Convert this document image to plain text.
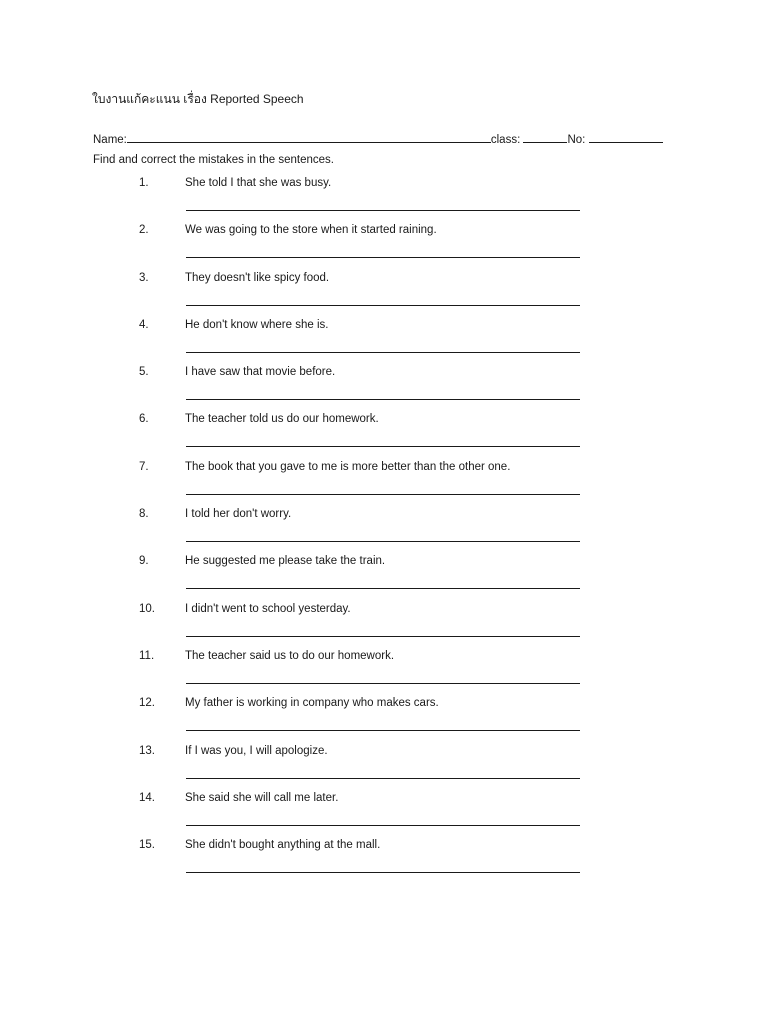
ใบงานแก้คะแนน เรื่อง Reported Speech
Name:	class:	No:
Find and correct the mistakes in the sentences.
1.	She told I that she was busy.
2.	We was going to the store when it started raining.
3.	They doesn't like spicy food.
4.	He don't know where she is.
5.	I have saw that movie before.
6.	The teacher told us do our homework.
7.	The book that you gave to me is more better than the other one.
8.	I told her don't worry.
9.	He suggested me please take the train.
10.	I didn't went to school yesterday.
11.	The teacher said us to do our homework.
12.	My father is working in company who makes cars.
13.	If I was you, I will apologize.
14.	She said she will call me later.
15.	She didn't bought anything at the mall.
